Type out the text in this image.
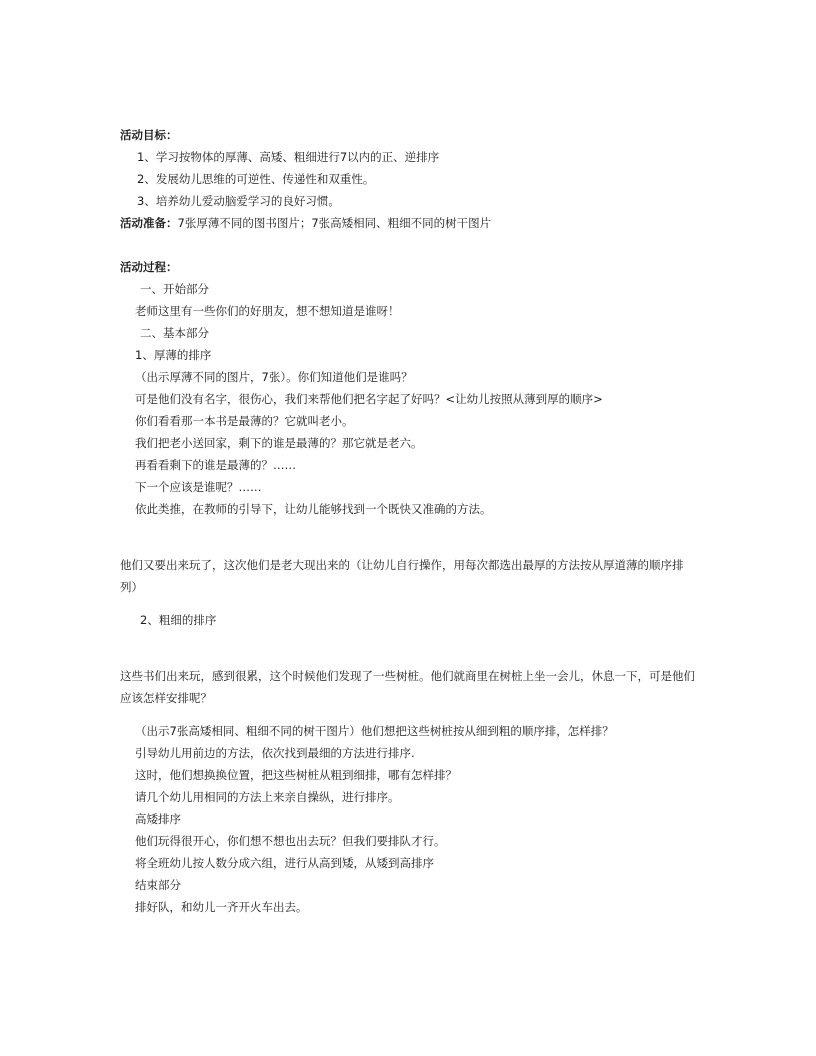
活动目标：

1、学习按物体的厚薄、高矮、粗细进行7以内的正、逆排序

2、发展幼儿思维的可逆性、传递性和双重性。

3、培养幼儿爱动脑爱学习的良好习惯。

活动准备：7张厚薄不同的图书图片；7张高矮相同、粗细不同的树干图片

活动过程：

一、开始部分

老师这里有一些你们的好朋友，想不想知道是谁呀！

二、基本部分

1、厚薄的排序

（出示厚薄不同的图片，7张）。你们知道他们是谁吗？

可是他们没有名字，很伤心，我们来帮他们把名字起了好吗？<让幼儿按照从薄到厚的顺序>

你们看看那一本书是最薄的？它就叫老小。

我们把老小送回家，剩下的谁是最薄的？那它就是老六。

再看看剩下的谁是最薄的？……

下一个应该是谁呢？……

依此类推，在教师的引导下，让幼儿能够找到一个既快又准确的方法。

他们又要出来玩了，这次他们是老大现出来的（让幼儿自行操作，用每次都选出最厚的方法按从厚道薄的顺序排列）

2、粗细的排序

这些书们出来玩，感到很累，这个时候他们发现了一些树桩。他们就商里在树桩上坐一会儿，休息一下，可是他们应该怎样安排呢？

（出示7张高矮相同、粗细不同的树干图片）他们想把这些树桩按从细到粗的顺序排，怎样排？

引导幼儿用前边的方法，依次找到最细的方法进行排序.

这时，他们想换换位置，把这些树桩从粗到细排，哪有怎样排？

请几个幼儿用相同的方法上来亲自操纵，进行排序。

高矮排序

他们玩得很开心，你们想不想也出去玩？但我们要排队才行。

将全班幼儿按人数分成六组，进行从高到矮，从矮到高排序

结束部分

排好队，和幼儿一齐开火车出去。
